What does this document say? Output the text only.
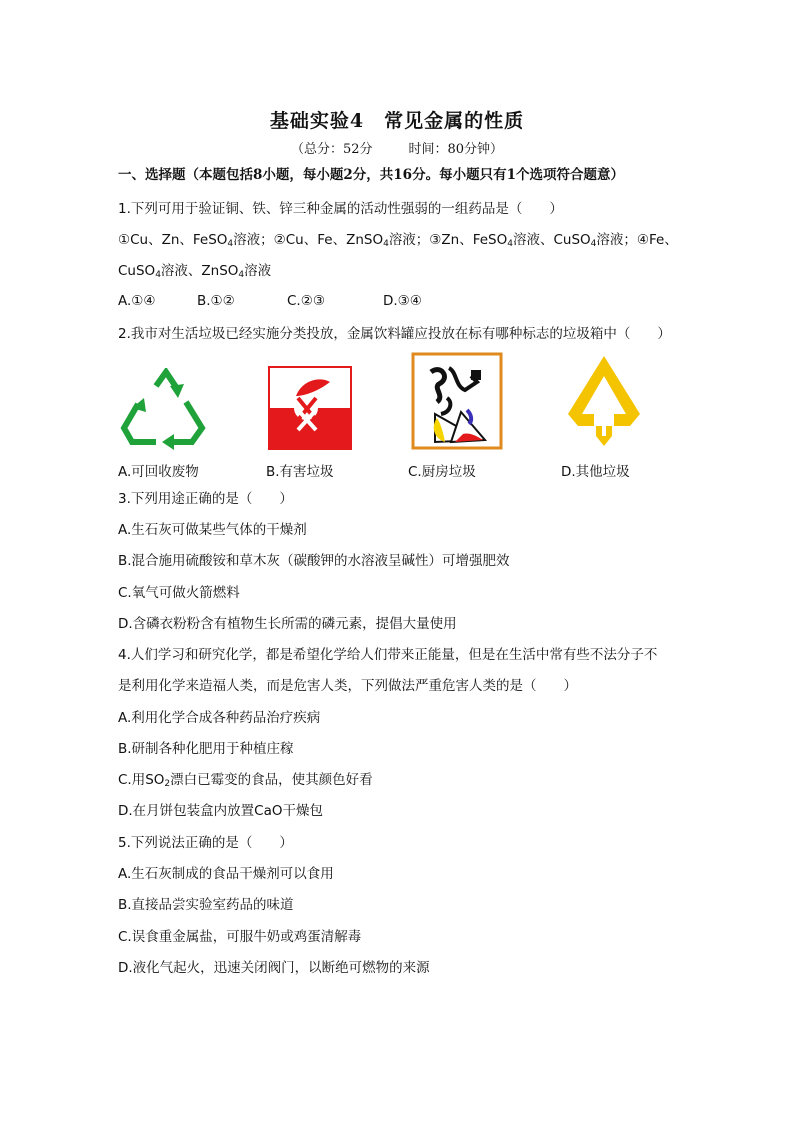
基础实验4　常见金属的性质
（总分：52分	时间：80分钟）
一、选择题（本题包括8小题，每小题2分，共16分。每小题只有1个选项符合题意）
1.下列可用于验证铜、铁、锌三种金属的活动性强弱的一组药品是（　　）
①Cu、Zn、FeSO$_4$溶液；②Cu、Fe、ZnSO$_4$溶液；③Zn、FeSO$_4$溶液、CuSO$_4$溶液；④Fe、
CuSO$_4$溶液、ZnSO$_4$溶液
A.①④	B.①②	C.②③	D.③④
2.我市对生活垃圾已经实施分类投放，金属饮料罐应投放在标有哪种标志的垃圾箱中（　　）
A.可回收废物	B.有害垃圾	C.厨房垃圾	D.其他垃圾
3.下列用途正确的是（　　）
A.生石灰可做某些气体的干燥剂
B.混合施用硫酸铵和草木灰（碳酸钾的水溶液呈碱性）可增强肥效
C.氧气可做火箭燃料
D.含磷衣粉粉含有植物生长所需的磷元素，提倡大量使用
4.人们学习和研究化学，都是希望化学给人们带来正能量，但是在生活中常有些不法分子不
是利用化学来造福人类，而是危害人类，下列做法严重危害人类的是（　　）
A.利用化学合成各种药品治疗疾病
B.研制各种化肥用于种植庄稼
C.用$SO_2$漂白已霉变的食品，使其颜色好看
D.在月饼包装盒内放置CaO干燥包
5.下列说法正确的是（　　）
A.生石灰制成的食品干燥剂可以食用
B.直接品尝实验室药品的味道
C.误食重金属盐，可服牛奶或鸡蛋清解毒
D.液化气起火，迅速关闭阀门，以断绝可燃物的来源
